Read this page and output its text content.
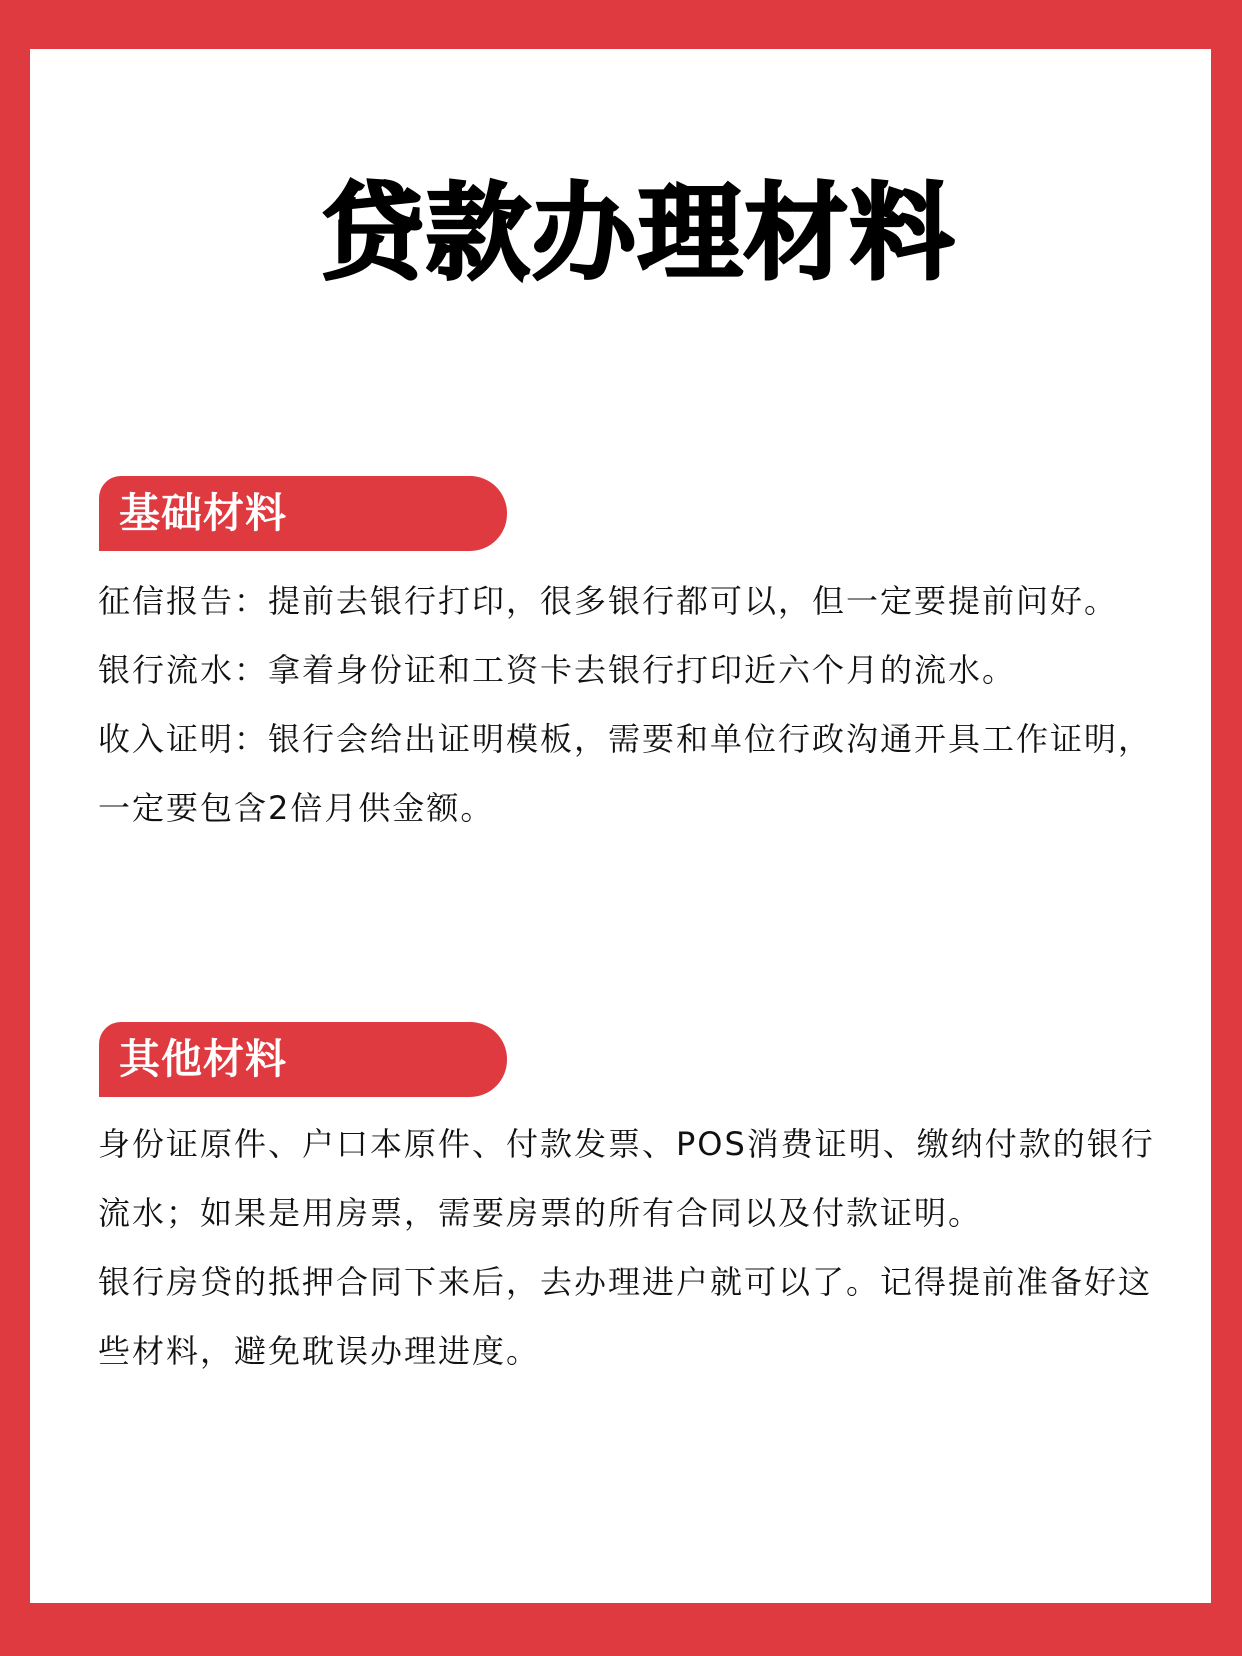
贷款办理材料
基础材料

征信报告：提前去银行打印，很多银行都可以，但一定要提前问好。

银行流水：拿着身份证和工资卡去银行打印近六个月的流水。

收入证明：银行会给出证明模板，需要和单位行政沟通开具工作证明，一定要包含2倍月供金额。

其他材料

身份证原件、户口本原件、付款发票、POS消费证明、缴纳付款的银行流水；如果是用房票，需要房票的所有合同以及付款证明。

银行房贷的抵押合同下来后，去办理进户就可以了。记得提前准备好这些材料，避免耽误办理进度。
